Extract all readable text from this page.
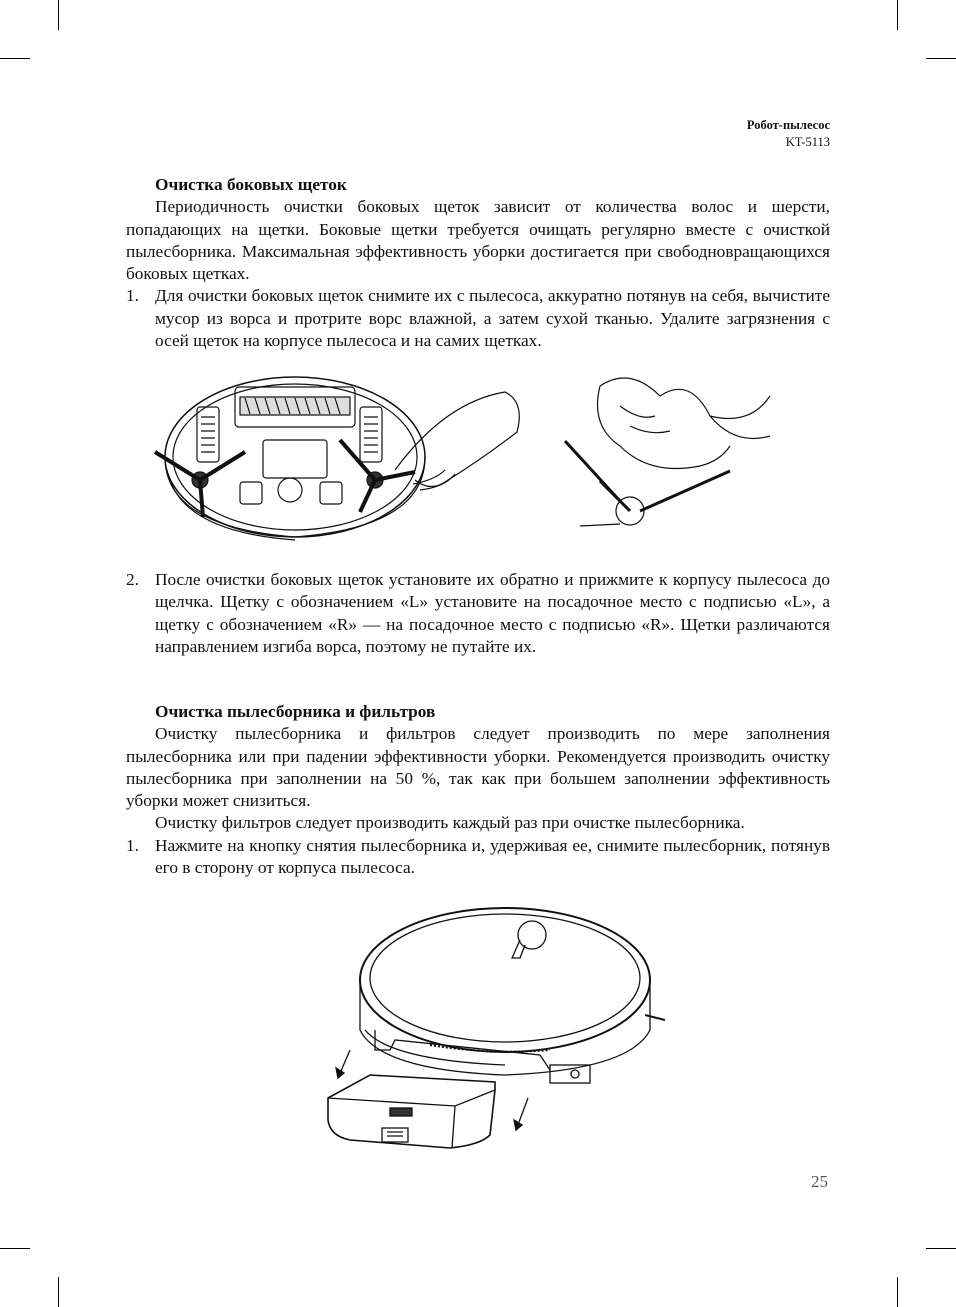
Робот-пылесос
KT-5113
Очистка боковых щеток

Периодичность очистки боковых щеток зависит от количества волос и шерсти, попадающих на щетки. Боковые щетки требуется очищать регулярно вместе с очисткой пылесборника. Максимальная эффективность уборки достигается при свободновращающихся боковых щетках.

1. Для очистки боковых щеток снимите их с пылесоса, аккуратно потянув на себя, вычистите мусор из ворса и протрите ворс влажной, а затем сухой тканью. Удалите загрязнения с осей щеток на корпусе пылесоса и на самих щетках.
2. После очистки боковых щеток установите их обратно и прижмите к корпусу пылесоса до щелчка. Щетку с обозначением «L» установите на посадочное место с подписью «L», а щетку с обозначением «R» — на посадочное место с подписью «R». Щетки различаются направлением изгиба ворса, поэтому не путайте их.
Очистка пылесборника и фильтров

Очистку пылесборника и фильтров следует производить по мере заполнения пылесборника или при падении эффективности уборки. Рекомендуется производить очистку пылесборника при заполнении на 50 %, так как при большем заполнении эффективность уборки может снизиться.

Очистку фильтров следует производить каждый раз при очистке пылесборника.

1. Нажмите на кнопку снятия пылесборника и, удерживая ее, снимите пылесборник, потянув его в сторону от корпуса пылесоса.
25
